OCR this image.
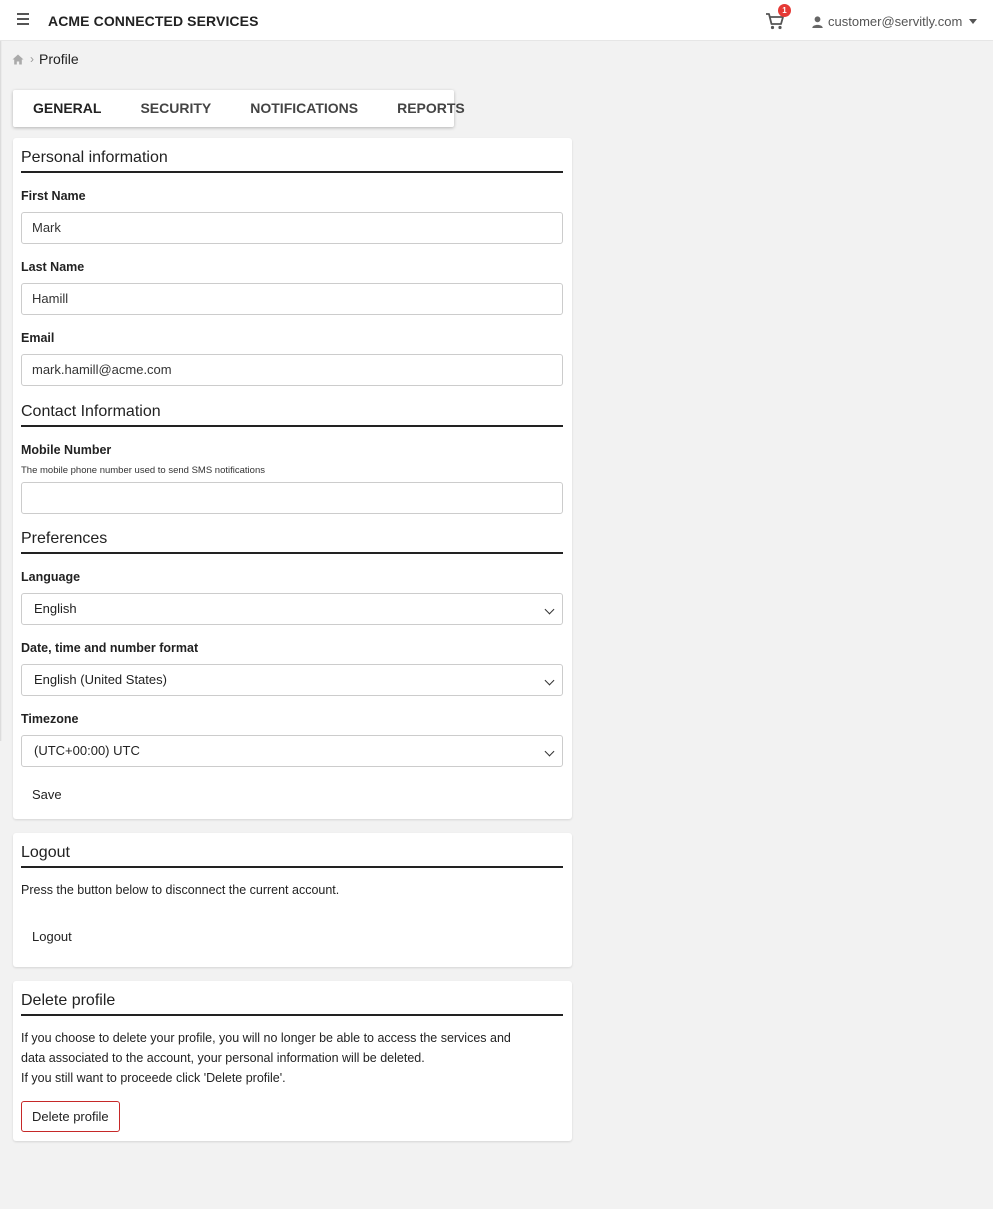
ACME CONNECTED SERVICES
1
customer@servitly.com
› Profile
GENERAL	SECURITY	NOTIFICATIONS	REPORTS
Personal information
First Name
Mark
Last Name
Hamill
Email
mark.hamill@acme.com
Contact Information
Mobile Number
The mobile phone number used to send SMS notifications
Preferences
Language
English
Date, time and number format
English (United States)
Timezone
(UTC+00:00) UTC
Save
Logout
Press the button below to disconnect the current account.
Logout
Delete profile
If you choose to delete your profile, you will no longer be able to access the services and
data associated to the account, your personal information will be deleted.
If you still want to proceede click 'Delete profile'.
Delete profile
